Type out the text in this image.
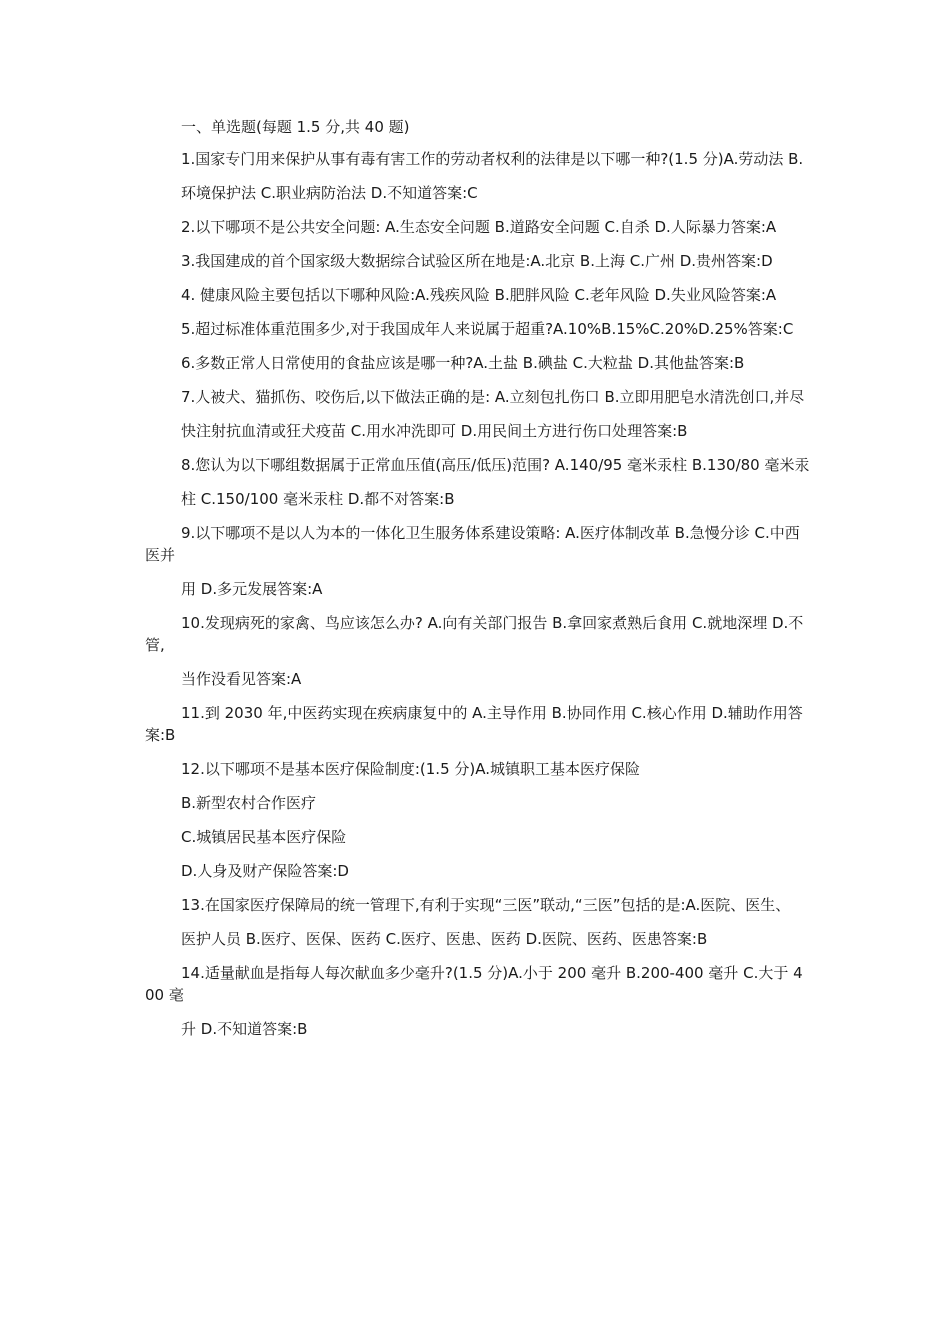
一、单选题(每题 1.5 分,共 40 题)
1.国家专门用来保护从事有毒有害工作的劳动者权利的法律是以下哪一种?(1.5 分)A.劳动法 B.
环境保护法 C.职业病防治法 D.不知道答案:C
2.以下哪项不是公共安全问题: A.生态安全问题 B.道路安全问题 C.自杀 D.人际暴力答案:A
3.我国建成的首个国家级大数据综合试验区所在地是:A.北京 B.上海 C.广州 D.贵州答案:D
4. 健康风险主要包括以下哪种风险:A.残疾风险 B.肥胖风险 C.老年风险 D.失业风险答案:A
5.超过标准体重范围多少,对于我国成年人来说属于超重?A.10%B.15%C.20%D.25%答案:C
6.多数正常人日常使用的食盐应该是哪一种?A.土盐 B.碘盐 C.大粒盐 D.其他盐答案:B
7.人被犬、猫抓伤、咬伤后,以下做法正确的是: A.立刻包扎伤口 B.立即用肥皂水清洗创口,并尽
快注射抗血清或狂犬疫苗 C.用水冲洗即可 D.用民间土方进行伤口处理答案:B
8.您认为以下哪组数据属于正常血压值(高压/低压)范围? A.140/95 毫米汞柱 B.130/80 毫米汞
柱 C.150/100 毫米汞柱 D.都不对答案:B
9.以下哪项不是以人为本的一体化卫生服务体系建设策略: A.医疗体制改革 B.急慢分诊 C.中西医并
用 D.多元发展答案:A
10.发现病死的家禽、鸟应该怎么办? A.向有关部门报告 B.拿回家煮熟后食用 C.就地深埋 D.不管,
当作没看见答案:A
11.到 2030 年,中医药实现在疾病康复中的 A.主导作用 B.协同作用 C.核心作用 D.辅助作用答案:B
12.以下哪项不是基本医疗保险制度:(1.5 分)A.城镇职工基本医疗保险
B.新型农村合作医疗
C.城镇居民基本医疗保险
D.人身及财产保险答案:D
13.在国家医疗保障局的统一管理下,有利于实现“三医”联动,“三医”包括的是:A.医院、医生、
医护人员 B.医疗、医保、医药 C.医疗、医患、医药 D.医院、医药、医患答案:B
14.适量献血是指每人每次献血多少毫升?(1.5 分)A.小于 200 毫升 B.200-400 毫升 C.大于 400 毫
升 D.不知道答案:B
